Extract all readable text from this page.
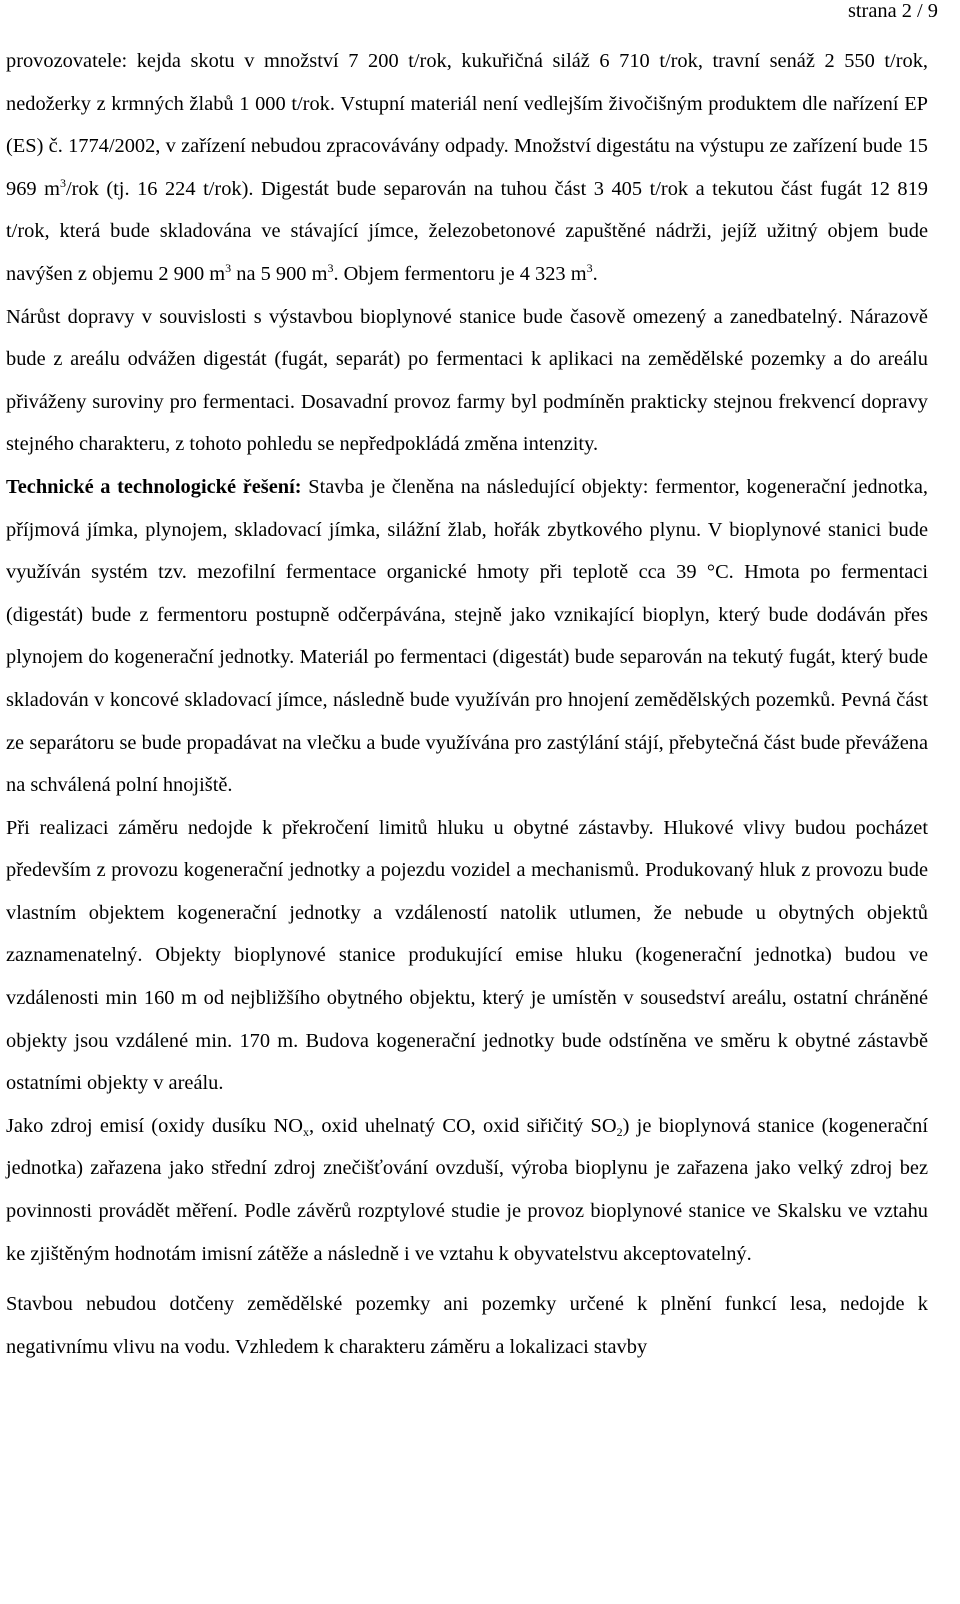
strana 2 / 9

provozovatele: kejda skotu v množství 7 200 t/rok, kukuřičná siláž 6 710 t/rok, travní senáž 2 550 t/rok, nedožerky z krmných žlabů 1 000 t/rok. Vstupní materiál není vedlejším živočišným produktem dle nařízení EP (ES) č. 1774/2002, v zařízení nebudou zpracovávány odpady. Množství digestátu na výstupu ze zařízení bude 15 969 $m^3$/rok (tj. 16 224 t/rok). Digestát bude separován na tuhou část 3 405 t/rok a tekutou část fugát 12 819 t/rok, která bude skladována ve stávající jímce, železobetonové zapuštěné nádrži, jejíž užitný objem bude navýšen z objemu 2 900 $m^3$ na 5 900 $m^3$. Objem fermentoru je 4 323 $m^3$.

Nárůst dopravy v souvislosti s výstavbou bioplynové stanice bude časově omezený a zanedbatelný. Nárazově bude z areálu odvážen digestát (fugát, separát) po fermentaci k aplikaci na zemědělské pozemky a do areálu přiváženy suroviny pro fermentaci. Dosavadní provoz farmy byl podmíněn prakticky stejnou frekvencí dopravy stejného charakteru, z tohoto pohledu se nepředpokládá změna intenzity.

Technické a technologické řešení: Stavba je členěna na následující objekty: fermentor, kogenerační jednotka, příjmová jímka, plynojem, skladovací jímka, silážní žlab, hořák zbytkového plynu. V bioplynové stanici bude využíván systém tzv. mezofilní fermentace organické hmoty při teplotě cca 39 °C. Hmota po fermentaci (digestát) bude z fermentoru postupně odčerpávána, stejně jako vznikající bioplyn, který bude dodáván přes plynojem do kogenerační jednotky. Materiál po fermentaci (digestát) bude separován na tekutý fugát, který bude skladován v koncové skladovací jímce, následně bude využíván pro hnojení zemědělských pozemků. Pevná část ze separátoru se bude propadávat na vlečku a bude využívána pro zastýlání stájí, přebytečná část bude převážena na schválená polní hnojiště.

Při realizaci záměru nedojde k překročení limitů hluku u obytné zástavby. Hlukové vlivy budou pocházet především z provozu kogenerační jednotky a pojezdu vozidel a mechanismů. Produkovaný hluk z provozu bude vlastním objektem kogenerační jednotky a vzdáleností natolik utlumen, že nebude u obytných objektů zaznamenatelný. Objekty bioplynové stanice produkující emise hluku (kogenerační jednotka) budou ve vzdálenosti min 160 m od nejbližšího obytného objektu, který je umístěn v sousedství areálu, ostatní chráněné objekty jsou vzdálené min. 170 m. Budova kogenerační jednotky bude odstíněna ve směru k obytné zástavbě ostatními objekty v areálu.

Jako zdroj emisí (oxidy dusíku $NO_x$, oxid uhelnatý CO, oxid siřičitý $SO_2$) je bioplynová stanice (kogenerační jednotka) zařazena jako střední zdroj znečišťování ovzduší, výroba bioplynu je zařazena jako velký zdroj bez povinnosti provádět měření. Podle závěrů rozptylové studie je provoz bioplynové stanice ve Skalsku ve vztahu ke zjištěným hodnotám imisní zátěže a následně i ve vztahu k obyvatelstvu akceptovatelný.

Stavbou nebudou dotčeny zemědělské pozemky ani pozemky určené k plnění funkcí lesa, nedojde k negativnímu vlivu na vodu. Vzhledem k charakteru záměru a lokalizaci stavby
